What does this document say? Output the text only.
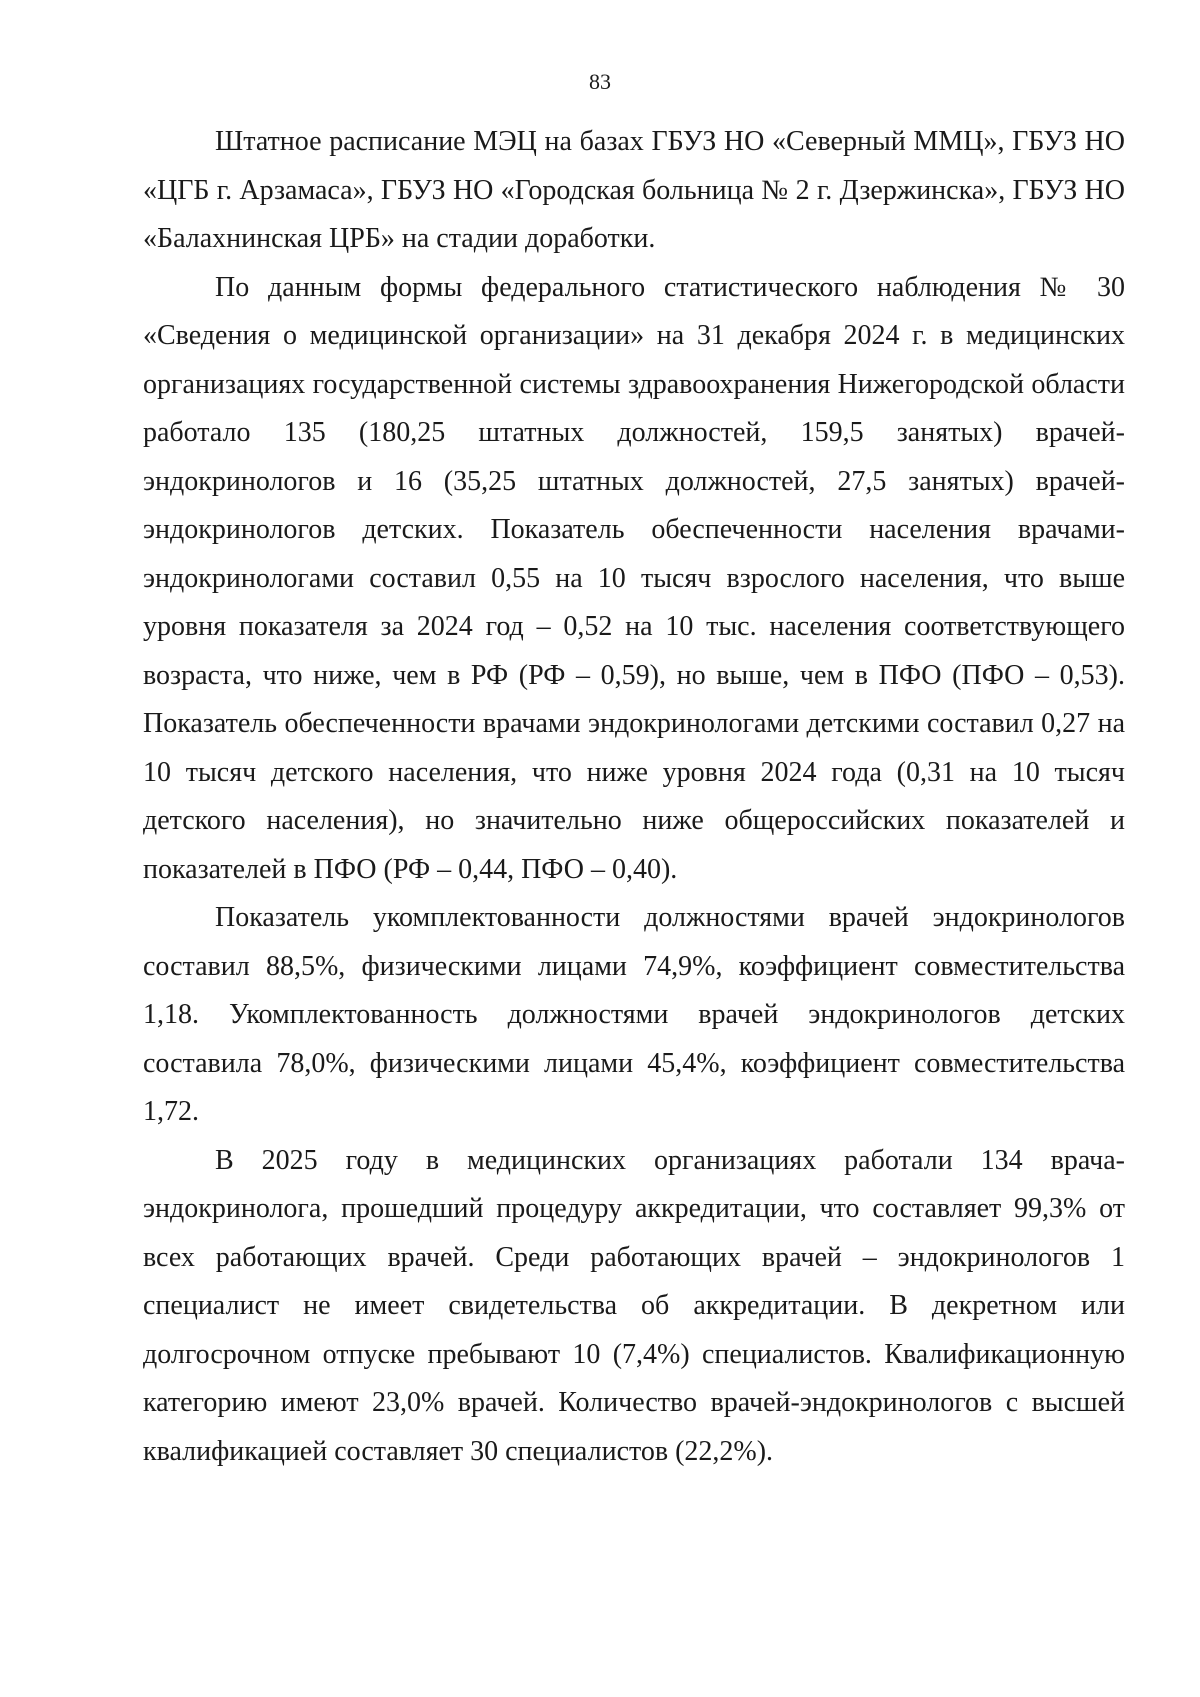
83

Штатное расписание МЭЦ на базах ГБУЗ НО «Северный ММЦ», ГБУЗ НО «ЦГБ г. Арзамаса», ГБУЗ НО «Городская больница № 2 г. Дзержинска», ГБУЗ НО «Балахнинская ЦРБ» на стадии доработки.

По данным формы федерального статистического наблюдения № 30 «Сведения о медицинской организации» на 31 декабря 2024 г. в медицинских организациях государственной системы здравоохранения Нижегородской области работало 135 (180,25 штатных должностей, 159,5 занятых) врачей-эндокринологов и 16 (35,25 штатных должностей, 27,5 занятых) врачей-эндокринологов детских. Показатель обеспеченности населения врачами-эндокринологами составил 0,55 на 10 тысяч взрослого населения, что выше уровня показателя за 2024 год – 0,52 на 10 тыс. населения соответствующего возраста, что ниже, чем в РФ (РФ – 0,59), но выше, чем в ПФО (ПФО – 0,53). Показатель обеспеченности врачами эндокринологами детскими составил 0,27 на 10 тысяч детского населения, что ниже уровня 2024 года (0,31 на 10 тысяч детского населения), но значительно ниже общероссийских показателей и показателей в ПФО (РФ – 0,44, ПФО – 0,40).

Показатель укомплектованности должностями врачей эндокринологов составил 88,5%, физическими лицами 74,9%, коэффициент совместительства 1,18. Укомплектованность должностями врачей эндокринологов детских составила 78,0%, физическими лицами 45,4%, коэффициент совместительства 1,72.

В 2025 году в медицинских организациях работали 134 врача-эндокринолога, прошедший процедуру аккредитации, что составляет 99,3% от всех работающих врачей. Среди работающих врачей – эндокринологов 1 специалист не имеет свидетельства об аккредитации. В декретном или долгосрочном отпуске пребывают 10 (7,4%) специалистов. Квалификационную категорию имеют 23,0% врачей. Количество врачей-эндокринологов с высшей квалификацией составляет 30 специалистов (22,2%).
